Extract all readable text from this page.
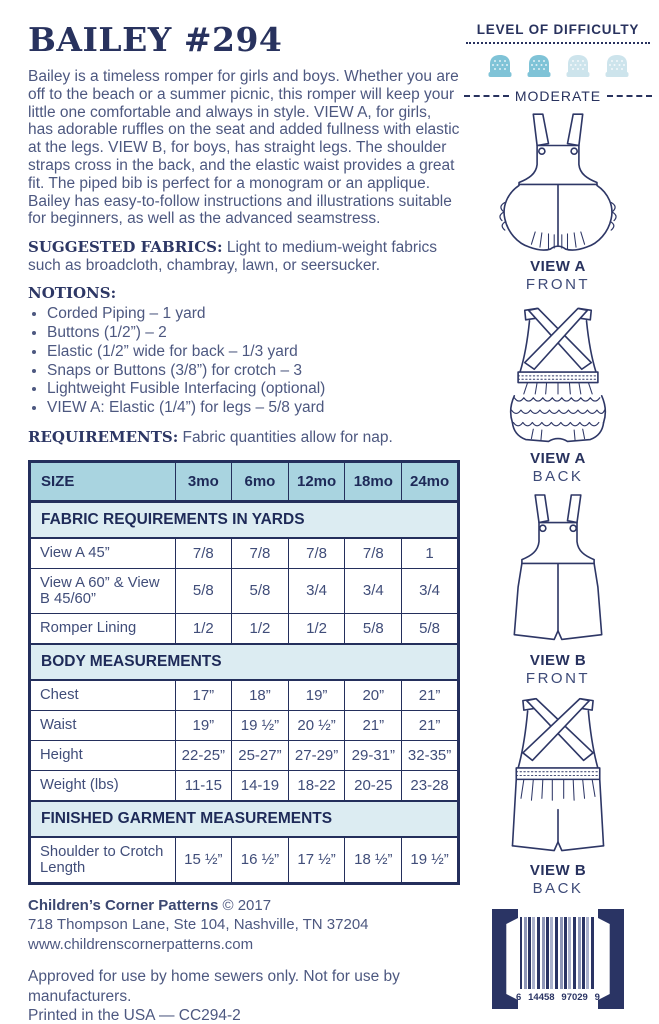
BAILEY #294

Bailey is a timeless romper for girls and boys. Whether you are off to the beach or a summer picnic, this romper will keep your little one comfortable and always in style. VIEW A, for girls, has adorable ruffles on the seat and added fullness with elastic at the legs. VIEW B, for boys, has straight legs. The shoulder straps cross in the back, and the elastic waist provides a great fit. The piped bib is perfect for a monogram or an applique. Bailey has easy-to-follow instructions and illustrations suitable for beginners, as well as the advanced seamstress.

SUGGESTED FABRICS: Light to medium-weight fabrics such as broadcloth, chambray, lawn, or seersucker.

NOTIONS:

• Corded Piping – 1 yard
• Buttons (1/2”) – 2
• Elastic (1/2” wide for back – 1/3 yard
• Snaps or Buttons (3/8”) for crotch – 3
• Lightweight Fusible Interfacing (optional)
• VIEW A: Elastic (1/4”) for legs – 5/8 yard

REQUIREMENTS: Fabric quantities allow for nap.

SIZE	3mo	6mo	12mo	18mo	24mo
FABRIC REQUIREMENTS IN YARDS					
View A 45”	7/8	7/8	7/8	7/8	1
View A 60” & View B 45/60”	5/8	5/8	3/4	3/4	3/4
Romper Lining	1/2	1/2	1/2	5/8	5/8
BODY MEASUREMENTS					
Chest	17”	18”	19”	20”	21”
Waist	19”	19 ½”	20 ½”	21”	21”
Height	22-25”	25-27”	27-29”	29-31”	32-35”
Weight (lbs)	11-15	14-19	18-22	20-25	23-28
FINISHED GARMENT MEASUREMENTS					
Shoulder to Crotch Length	15 ½”	16 ½”	17 ½”	18 ½”	19 ½”
Children’s Corner Patterns © 2017
718 Thompson Lane, Ste 104, Nashville, TN 37204
www.childrenscornerpatterns.com
Approved for use by home sewers only. Not for use by manufacturers.
Printed in the USA — CC294-2
LEVEL OF DIFFICULTY
MODERATE
VIEW A
FRONT
VIEW A
BACK
VIEW B
FRONT
VIEW B
BACK
6 14458 97029 9
